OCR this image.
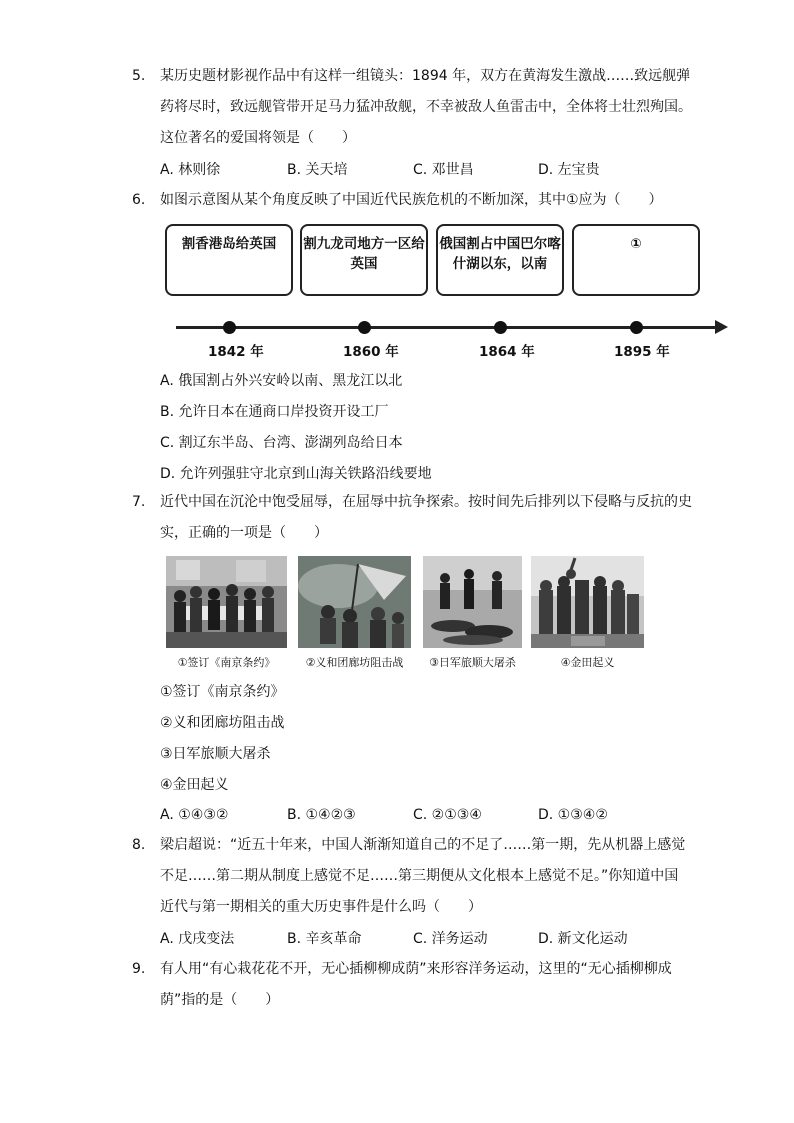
5.	某历史题材影视作品中有这样一组镜头：1894 年，双方在黄海发生激战……致远舰弹药将尽时，致远舰管带开足马力猛冲敌舰，不幸被敌人鱼雷击中，全体将士壮烈殉国。这位著名的爱国将领是（　　）
A. 林则徐	B. 关天培	C. 邓世昌	D. 左宝贵
6.	如图示意图从某个角度反映了中国近代民族危机的不断加深，其中①应为（　　）
割香港岛给英国	割九龙司地方一区给英国
俄国割占中国巴尔喀什湖以东，以南
①
1842 年	1860 年	1864 年	1895 年
A. 俄国割占外兴安岭以南、黑龙江以北
B. 允许日本在通商口岸投资开设工厂
C. 割辽东半岛、台湾、澎湖列岛给日本
D. 允许列强驻守北京到山海关铁路沿线要地
7.	近代中国在沉沦中饱受屈辱，在屈辱中抗争探索。按时间先后排列以下侵略与反抗的史实，正确的一项是（　　）
①签订《南京条约》	②义和团廊坊阻击战	③日军旅顺大屠杀	④金田起义
①签订《南京条约》
②义和团廊坊阻击战
③日军旅顺大屠杀
④金田起义
A. ①④③②	B. ①④②③	C. ②①③④	D. ①③④②
8.	梁启超说：“近五十年来，中国人渐渐知道自己的不足了……第一期，先从机器上感觉不足……第二期从制度上感觉不足……第三期便从文化根本上感觉不足。”你知道中国近代与第一期相关的重大历史事件是什么吗（　　）
A. 戊戌变法	B. 辛亥革命	C. 洋务运动	D. 新文化运动
9.	有人用“有心栽花花不开，无心插柳柳成荫”来形容洋务运动，这里的“无心插柳柳成荫”指的是（　　）
